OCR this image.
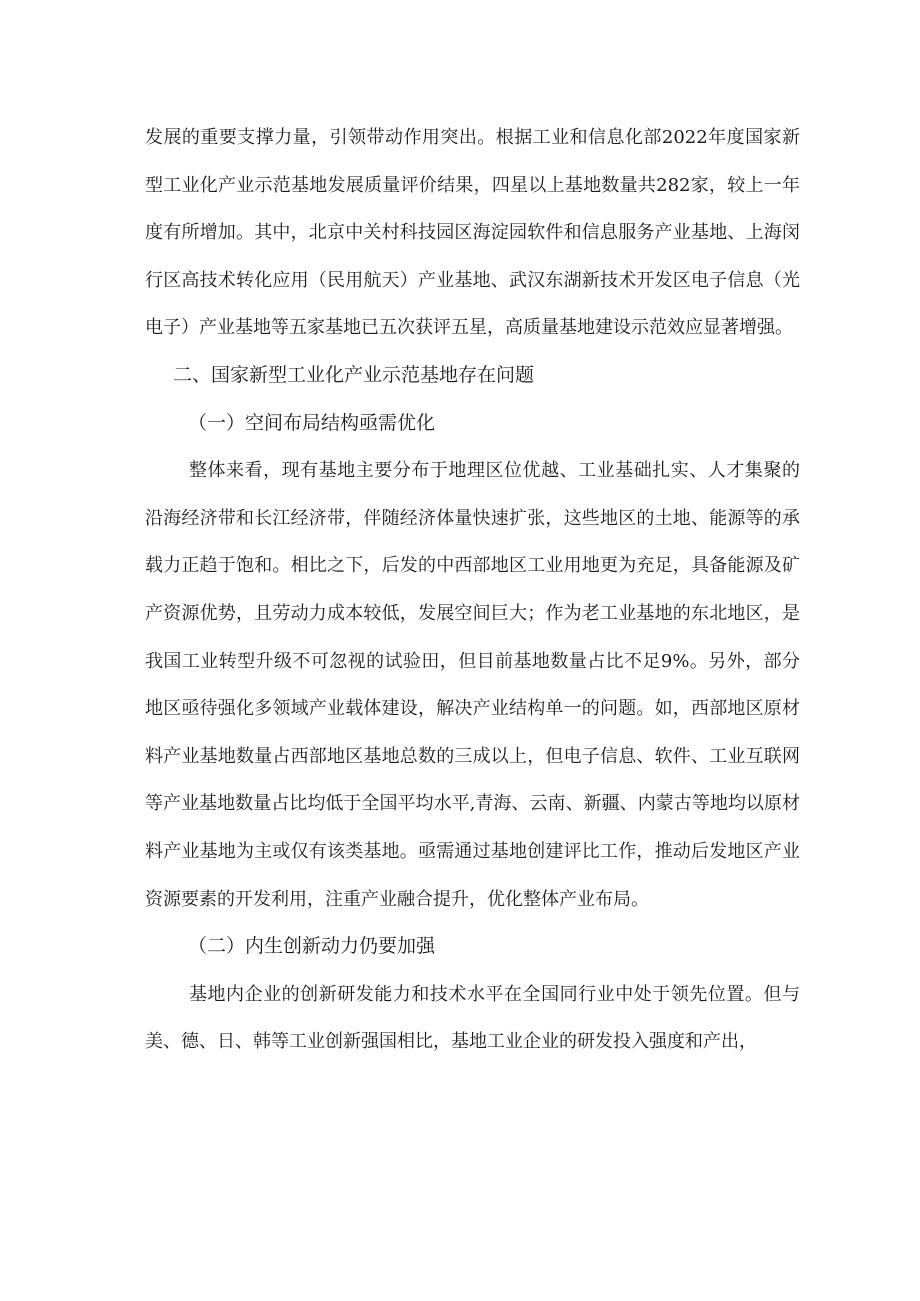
发展的重要支撑力量，引领带动作用突出。根据工业和信息化部2022年度国家新型工业化产业示范基地发展质量评价结果，四星以上基地数量共282家，较上一年度有所增加。其中，北京中关村科技园区海淀园软件和信息服务产业基地、上海闵行区高技术转化应用（民用航天）产业基地、武汉东湖新技术开发区电子信息（光电子）产业基地等五家基地已五次获评五星，高质量基地建设示范效应显著增强。

二、国家新型工业化产业示范基地存在问题

（一）空间布局结构亟需优化

整体来看，现有基地主要分布于地理区位优越、工业基础扎实、人才集聚的沿海经济带和长江经济带，伴随经济体量快速扩张，这些地区的土地、能源等的承载力正趋于饱和。相比之下，后发的中西部地区工业用地更为充足，具备能源及矿产资源优势，且劳动力成本较低，发展空间巨大；作为老工业基地的东北地区，是我国工业转型升级不可忽视的试验田，但目前基地数量占比不足9%。另外，部分地区亟待强化多领域产业载体建设，解决产业结构单一的问题。如，西部地区原材料产业基地数量占西部地区基地总数的三成以上，但电子信息、软件、工业互联网等产业基地数量占比均低于全国平均水平,青海、云南、新疆、内蒙古等地均以原材料产业基地为主或仅有该类基地。亟需通过基地创建评比工作，推动后发地区产业资源要素的开发利用，注重产业融合提升，优化整体产业布局。

（二）内生创新动力仍要加强

基地内企业的创新研发能力和技术水平在全国同行业中处于领先位置。但与美、德、日、韩等工业创新强国相比，基地工业企业的研发投入强度和产出，
